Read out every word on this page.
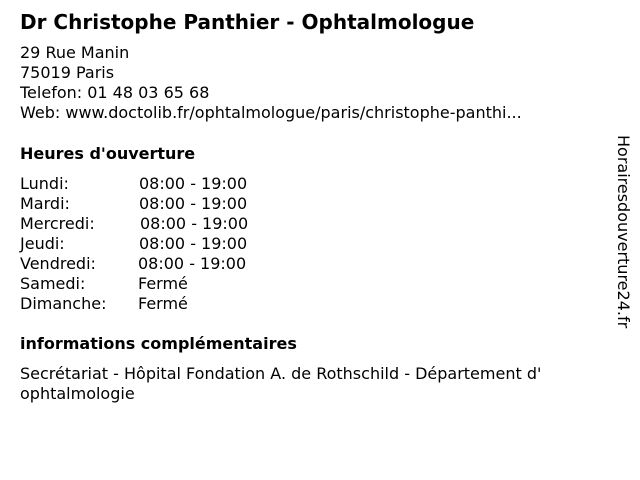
Dr Christophe Panthier - Ophtalmologue
29 Rue Manin
75019 Paris
Telefon: 01 48 03 65 68
Web: www.doctolib.fr/ophtalmologue/paris/christophe-panthi...
Heures d'ouverture
Lundi:	08:00 - 19:00
Mardi:	08:00 - 19:00
Mercredi:	08:00 - 19:00
Jeudi:	08:00 - 19:00
Vendredi:	08:00 - 19:00
Samedi:	Fermé
Dimanche: Fermé
informations complémentaires
Secrétariat - Hôpital Fondation A. de Rothschild - Département d' ophtalmologie
Horairesdouverture24.fr
